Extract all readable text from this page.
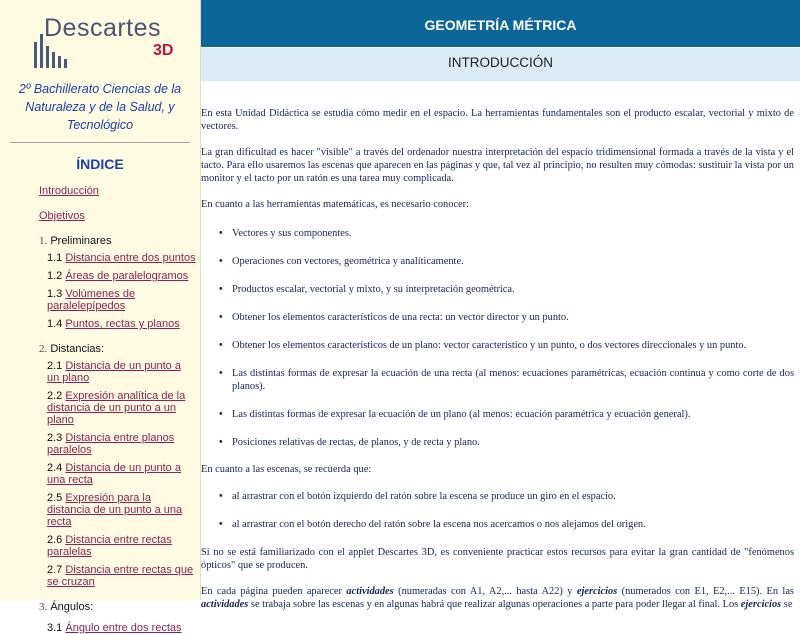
Descartes
3D
2º Bachillerato Ciencias de la Naturaleza y de la Salud, y Tecnológico
ÍNDICE
Introducción
Objetivos
1. Preliminares
1.1 Distancia entre dos puntos
1.2 Áreas de paralelogramos
1.3 Volúmenes de paralelepípedos
1.4 Puntos, rectas y planos
2. Distancias:
2.1 Distancia de un punto a un plano
2.2 Expresión analítica de la distancia de un punto a un plano
2.3 Distancia entre planos paralelos
2.4 Distancia de un punto a una recta
2.5 Expresión para la distancia de un punto a una recta
2.6 Distancia entre rectas paralelas
2.7 Distancia entre rectas que se cruzan
3. Ángulos:
3.1 Ángulo entre dos rectas
GEOMETRÍA MÉTRICA
INTRODUCCIÓN

En esta Unidad Didáctica se estudia cómo medir en el espacio. La herramientas fundamentales son el producto escalar, vectorial y mixto de vectores.

La gran dificultad es hacer "visible" a través del ordenador nuestra interpretación del espacio tridimensional formada a través de la vista y el tacto. Para ello usaremos las escenas que aparecen en las páginas y que, tal vez al principio, no resulten muy cómodas: sustituir la vista por un monitor y el tacto por un ratón es una tarea muy complicada.

En cuanto a las herramientas matemáticas, es necesario conocer:

• Vectores y sus componentes.
• Operaciones con vectores, geométrica y analíticamente.
• Productos escalar, vectorial y mixto, y su interpretación geométrica.
• Obtener los elementos característicos de una recta: un vector director y un punto.
• Obtener los elementos característicos de un plano: vector característico y un punto, o dos vectores direccionales y un punto.
• Las distintas formas de expresar la ecuación de una recta (al menos: ecuaciones paramétricas, ecuación continua y como corte de dos planos).
• Las distintas formas de expresar la ecuación de un plano (al menos: ecuación paramétrica y ecuación general).
• Posiciones relativas de rectas, de planos, y de recta y plano.

En cuanto a las escenas, se recuerda que:

• al arrastrar con el botón izquierdo del ratón sobre la escena se produce un giro en el espacio.
• al arrastrar con el botón derecho del ratón sobre la escena nos acercamos o nos alejamos del origen.

Si no se está familiarizado con el applet Descartes 3D, es conveniente practicar estos recursos para evitar la gran cantidad de "fenómenos ópticos" que se producen.

En cada página pueden aparecer actividades (numeradas con A1, A2,... hasta A22) y ejercicios (numerados con E1, E2,... E15). En las actividades se trabaja sobre las escenas y en algunas habrá que realizar algunas operaciones a parte para poder llegar al final. Los ejercicios se
